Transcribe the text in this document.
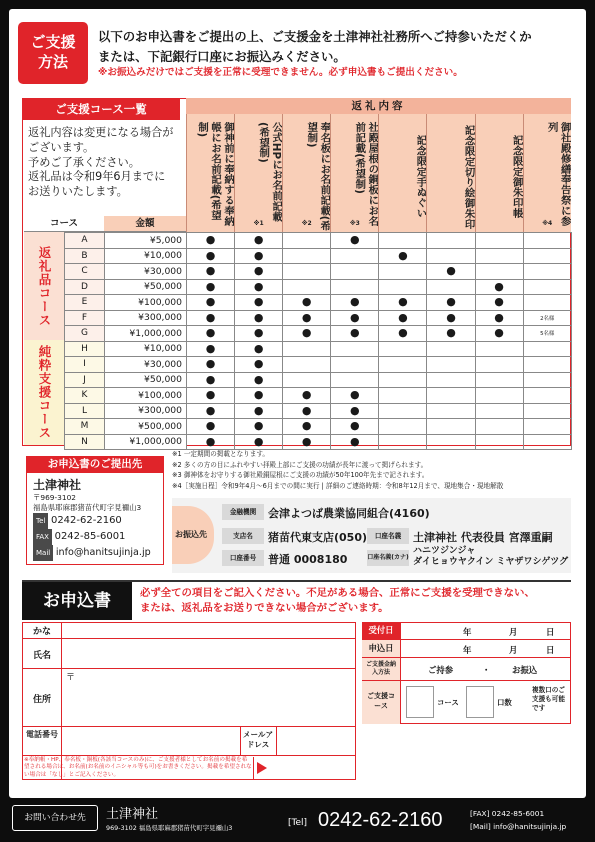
ご支援
方法
以下のお申込書をご提出の上、ご支援金を土津神社社務所へご持参いただくか
または、下記銀行口座にお振込みください。
※お振込みだけではご支援を正常に受理できません。必ず申込書もご提出ください。
ご支援コース一覧
返礼内容は変更になる場合が
ございます。
予めご了承ください。
返礼品は令和9年6月までに
お送りいたします。
返礼内容
御神前に奉納する奉納帳にお名前記載(希望制)	公式HPにお名前記載(希望制)
※1	奉名板にお名前記載(希望制)
※2	社殿屋根の銅板にお名前記載(希望制)
※3
記念限定手ぬぐい	記念限定切り絵御朱印	記念限定御朱印帳	御社殿修繕奉告祭に参列
※4
コース	金額
返礼品コース
純粋支援コース
A	¥5,000	●	●		●				
B	¥10,000	●	●			●			
C	¥30,000	●	●				●		
D	¥50,000	●	●					●	
E	¥100,000	●	●	●	●	●	●	●	
F	¥300,000	●	●	●	●	●	●	●	2名様
G	¥1,000,000	●	●	●	●	●	●	●	5名様
H	¥10,000	●	●						
I	¥30,000	●	●						
J	¥50,000	●	●						
K	¥100,000	●	●	●	●				
L	¥300,000	●	●	●	●				
M	¥500,000	●	●	●	●				
N	¥1,000,000	●	●	●	●				
※1 一定期間の掲載となります。
※2 多くの方の目にふれやすい拝殿上部にご支援の功績が長年に渡って掲げられます。
※3 御神体をお守りする御社殿銅屋根にご支援の功績が50年100年先まで記されます。
※4［実施日程］令和9年4月～6月までの間に実行 | 詳細のご連絡時期：令和8年12月まで、現地集合・現地解散
お申込書のご提出先
土津神社
〒969-3102
福島県耶麻郡猪苗代町字見禰山3
Tel 0242-62-2160
FAX 0242-85-6001
Mail info@hanitsujinja.jp
お振込先
金融機関	会津よつば農業協同組合(4160)
支店名	猪苗代東支店(050)	口座名義	土津神社 代表役員 宮澤重嗣
口座番号	普通 0008180	口座名義(カナ)
ハニツジンジャ
ダイヒョウヤクイン ミヤザワシゲツグ
お申込書	必ず全ての項目をご記入ください。不足がある場合、正常にご支援を受理できない、
または、返礼品をお送りできない場合がございます。
かな
氏名
住所
〒
電話番号	メールアドレス
※奉納帳・HP、奉名板・銅板(各該当コースのみ)に、ご支援者様としてお名前の掲載を希望される場合は、お名前(お名前のイニシャル等も可)をお書きください。掲載を希望されない場合は「なし」とご記入ください。
受付日
申込日
ご支援金納入方法
ご支援コース
年	月	日
年	月	日
ご持参	・	お振込
コース	口数
複数口のご支援も可能です
お問い合わせ先	土津神社
969-3102 福島県耶麻郡猪苗代町字見禰山3	[Tel] 0242-62-2160	[FAX] 0242-85-6001
[Mail] info@hanitsujinja.jp
